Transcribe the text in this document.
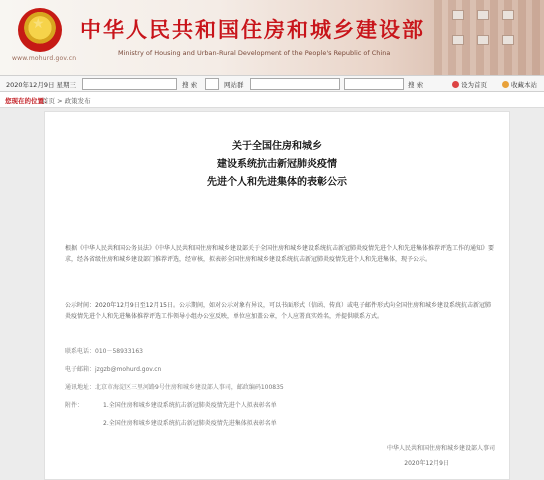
★
www.mohurd.gov.cn
中华人民共和国住房和城乡建设部
Ministry of Housing and Urban-Rural Development of the People's Republic of China
2020年12月9日 星期三	搜 索	网站群	搜 索	设为首页	收藏本站
您现在的位置：
首页 > 政策发布
关于全国住房和城乡
建设系统抗击新冠肺炎疫情
先进个人和先进集体的表彰公示
根据《中华人民共和国公务员法》《中华人民共和国住房和城乡建设部关于全国住房和城乡建设系统抗击新冠肺炎疫情先进个人和先进集体推荐评选工作的通知》要求，经各省级住房和城乡建设部门推荐评选，经审核，拟表彰全国住房和城乡建设系统抗击新冠肺炎疫情先进个人和先进集体，现予公示。
公示时间：2020年12月9日至12月15日。公示期间，如对公示对象有异议，可以书面形式（信函、传真）或电子邮件形式向全国住房和城乡建设系统抗击新冠肺炎疫情先进个人和先进集体推荐评选工作领导小组办公室反映，单位应加盖公章，个人应署真实姓名，并提供联系方式。
联系电话：010－58933163
电子邮箱：jzgzb@mohurd.gov.cn
通讯地址：北京市海淀区三里河路9号住房和城乡建设部人事司，邮政编码100835
附件：	1.全国住房和城乡建设系统抗击新冠肺炎疫情先进个人拟表彰名单
2.全国住房和城乡建设系统抗击新冠肺炎疫情先进集体拟表彰名单
中华人民共和国住房和城乡建设部人事司
2020年12月9日
